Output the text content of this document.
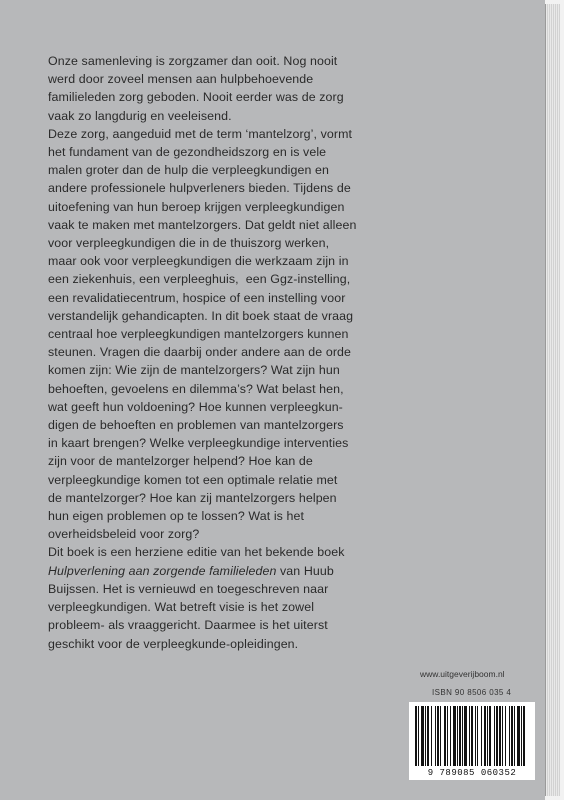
Onze samenleving is zorgzamer dan ooit. Nog nooit
werd door zoveel mensen aan hulpbehoevende
familieleden zorg geboden. Nooit eerder was de zorg
vaak zo langdurig en veeleisend.

Deze zorg, aangeduid met de term ‘mantelzorg’, vormt
het fundament van de gezondheidszorg en is vele
malen groter dan de hulp die verpleegkundigen en
andere professionele hulpverleners bieden. Tijdens de
uitoefening van hun beroep krijgen verpleegkundigen
vaak te maken met mantelzorgers. Dat geldt niet alleen
voor verpleegkundigen die in de thuiszorg werken,
maar ook voor verpleegkundigen die werkzaam zijn in
een ziekenhuis, een verpleeghuis,  een Ggz-instelling,
een revalidatiecentrum, hospice of een instelling voor
verstandelijk gehandicapten. In dit boek staat de vraag
centraal hoe verpleegkundigen mantelzorgers kunnen
steunen. Vragen die daarbij onder andere aan de orde
komen zijn: Wie zijn de mantelzorgers? Wat zijn hun
behoeften, gevoelens en dilemma’s? Wat belast hen,
wat geeft hun voldoening? Hoe kunnen verpleegkun-
digen de behoeften en problemen van mantelzorgers
in kaart brengen? Welke verpleegkundige interventies
zijn voor de mantelzorger helpend? Hoe kan de
verpleegkundige komen tot een optimale relatie met
de mantelzorger? Hoe kan zij mantelzorgers helpen
hun eigen problemen op te lossen? Wat is het
overheidsbeleid voor zorg?

Dit boek is een herziene editie van het bekende boek
Hulpverlening aan zorgende familieleden van Huub
Buijssen. Het is vernieuwd en toegeschreven naar
verpleegkundigen. Wat betreft visie is het zowel
probleem- als vraaggericht. Daarmee is het uiterst
geschikt voor de verpleegkunde-opleidingen.

www.uitgeverijboom.nl
ISBN 90 8506 035 4
9 789085 060352
